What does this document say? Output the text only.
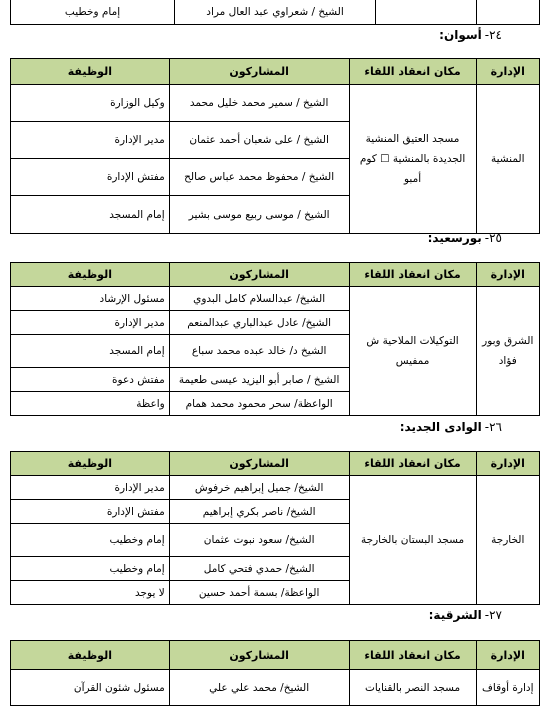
		الشيخ / شعراوي عبد العال مراد	إمام وخطيب
٢٤-أسوان:
الإدارة	مكان انعقاد اللقاء	المشاركون	الوظيفة
المنشية	مسجد العتيق المنشية الجديدة بالمنشية ☐ كوم أمبو	الشيخ / سمير محمد خليل محمد	وكيل الوزارة
		الشيخ / على شعبان أحمد عثمان	مدير الإدارة
		الشيخ / محفوظ محمد عباس صالح	مفتش الإدارة
		الشيخ / موسى ربيع موسى بشير	إمام المسجد
٢٥-بورسعيد:
الإدارة	مكان انعقاد اللقاء	المشاركون	الوظيفة
الشرق وبور فؤاد	التوكيلات الملاحية ش ممفيس	الشيخ/ عبدالسلام كامل البدوي	مسئول الإرشاد
		الشيخ/ عادل عبدالباري عبدالمنعم	مدير الإدارة
		الشيخ د/ خالد عبده محمد سباع	إمام المسجد
		الشيخ / صابر أبو اليزيد عيسى طعيمة	مفتش دعوة
		الواعظة/ سحر محمود محمد همام	واعظة
٢٦-الوادى الجديد:
الإدارة	مكان انعقاد اللقاء	المشاركون	الوظيفة
الخارجة	مسجد البستان بالخارجة	الشيخ/ جميل إبراهيم خرفوش	مدير الإدارة
		الشيخ/ ناصر بكري إبراهيم	مفتش الإدارة
		الشيخ/ سعود نبوت عثمان	إمام وخطيب
		الشيخ/ حمدي فتحي كامل	إمام وخطيب
		الواعظة/ بسمة أحمد حسين	لا يوجد
٢٧-الشرقية:
الإدارة	مكان انعقاد اللقاء	المشاركون	الوظيفة
إدارة أوقاف	مسجد النصر بالقنايات	الشيخ/ محمد علي علي	مسئول شئون القرآن
